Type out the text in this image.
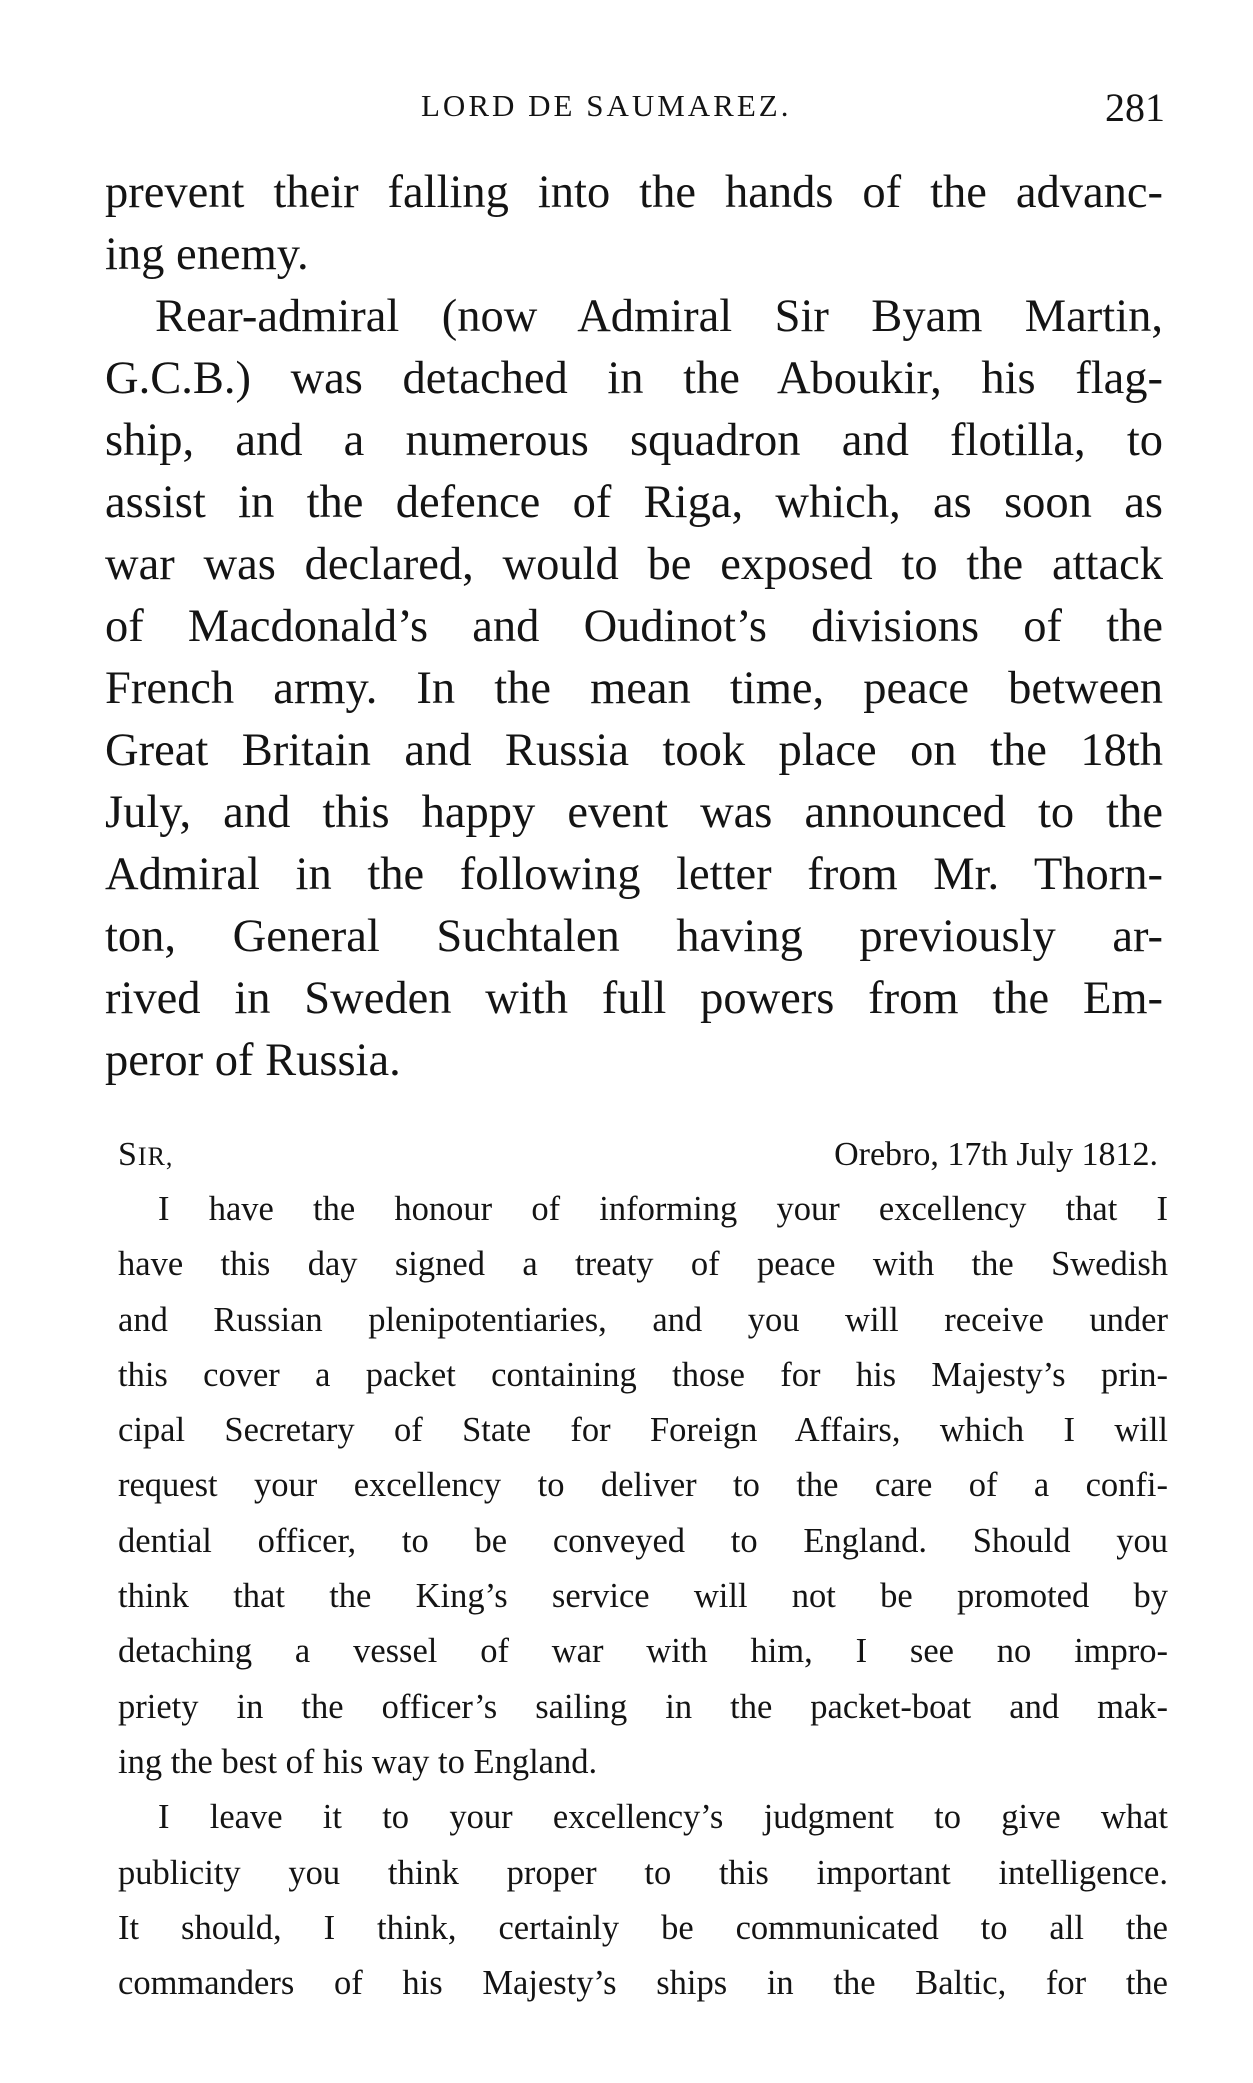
LORD DE SAUMAREZ.	281
prevent their falling into the hands of the advanc-
ing enemy.
Rear-admiral (now Admiral Sir Byam Martin,
G.C.B.) was detached in the Aboukir, his flag-
ship, and a numerous squadron and flotilla, to
assist in the defence of Riga, which, as soon as
war was declared, would be exposed to the attack
of Macdonald’s and Oudinot’s divisions of the
French army. In the mean time, peace between
Great Britain and Russia took place on the 18th
July, and this happy event was announced to the
Admiral in the following letter from Mr. Thorn-
ton, General Suchtalen having previously ar-
rived in Sweden with full powers from the Em-
peror of Russia.
SIR,	Orebro, 17th July 1812.
I have the honour of informing your excellency that I
have this day signed a treaty of peace with the Swedish
and Russian plenipotentiaries, and you will receive under
this cover a packet containing those for his Majesty’s prin-
cipal Secretary of State for Foreign Affairs, which I will
request your excellency to deliver to the care of a confi-
dential officer, to be conveyed to England. Should you
think that the King’s service will not be promoted by
detaching a vessel of war with him, I see no impro-
priety in the officer’s sailing in the packet-boat and mak-
ing the best of his way to England.
I leave it to your excellency’s judgment to give what
publicity you think proper to this important intelligence.
It should, I think, certainly be communicated to all the
commanders of his Majesty’s ships in the Baltic, for the
